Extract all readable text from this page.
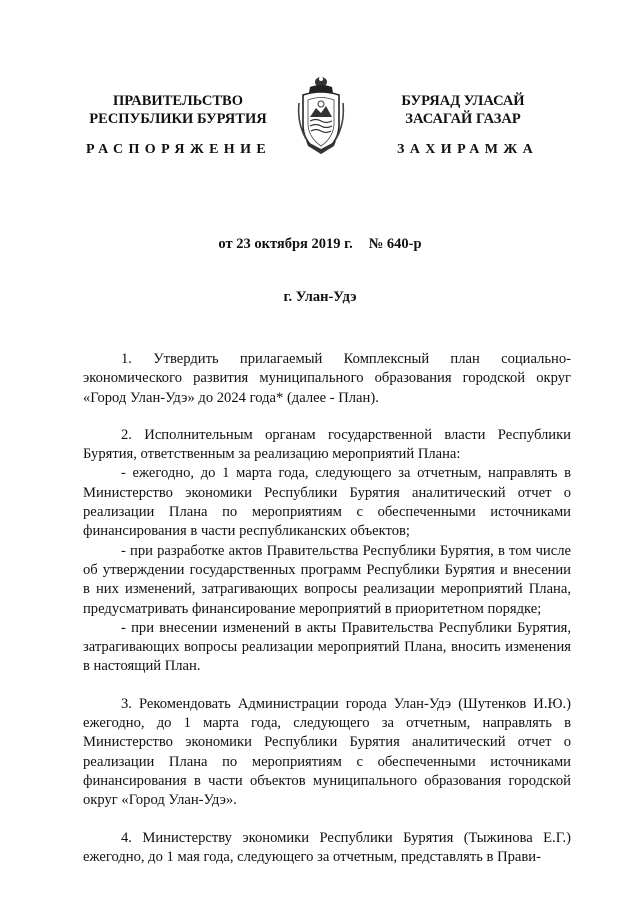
ПРАВИТЕЛЬСТВО
РЕСПУБЛИКИ БУРЯТИЯ
РАСПОРЯЖЕНИЕ
БУРЯАД УЛАСАЙ
ЗАСАГАЙ ГАЗАР
ЗАХИРАМЖА
от 23 октября 2019 г. № 640-р
г. Улан-Удэ

1. Утвердить прилагаемый Комплексный план социально-экономического развития муниципального образования городской округ «Город Улан-Удэ» до 2024 года* (далее - План).

2. Исполнительным органам государственной власти Республики Бурятия, ответственным за реализацию мероприятий Плана:

- ежегодно, до 1 марта года, следующего за отчетным, направлять в Министерство экономики Республики Бурятия аналитический отчет о реализации Плана по мероприятиям с обеспеченными источниками финансирования в части республиканских объектов;

- при разработке актов Правительства Республики Бурятия, в том числе об утверждении государственных программ Республики Бурятия и внесении в них изменений, затрагивающих вопросы реализации мероприятий Плана, предусматривать финансирование мероприятий в приоритетном порядке;

- при внесении изменений в акты Правительства Республики Бурятия, затрагивающих вопросы реализации мероприятий Плана, вносить изменения в настоящий План.

3. Рекомендовать Администрации города Улан-Удэ (Шутенков И.Ю.) ежегодно, до 1 марта года, следующего за отчетным, направлять в Министерство экономики Республики Бурятия аналитический отчет о реализации Плана по мероприятиям с обеспеченными источниками финансирования в части объектов муниципального образования городской округ «Город Улан-Удэ».

4. Министерству экономики Республики Бурятия (Тыжинова Е.Г.) ежегодно, до 1 мая года, следующего за отчетным, представлять в Прави-
